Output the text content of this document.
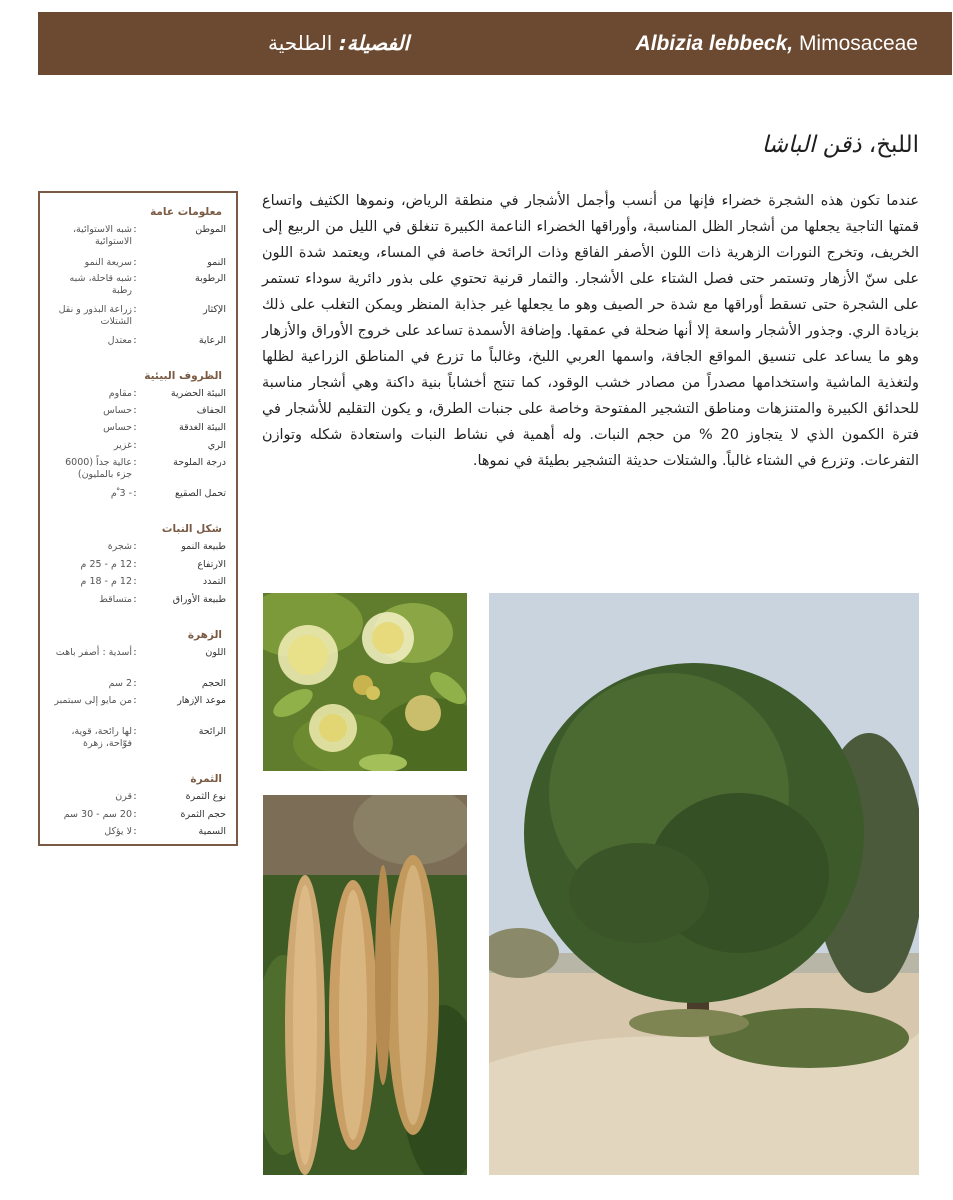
Albizia lebbeck, Mimosaceae
الفصيلة: الطلحية
اللبخ، ذقن الباشا

عندما تكون هذه الشجرة خضراء فإنها من أنسب وأجمل الأشجار في منطقة الرياض، ونموها الكثيف واتساع قمتها التاجية يجعلها من أشجار الظل المناسبة، وأوراقها الخضراء الناعمة الكبيرة تنغلق في الليل من الربيع إلى الخريف، وتخرج النورات الزهرية ذات اللون الأصفر الفاقع وذات الرائحة خاصة في المساء، ويعتمد شدة اللون على سنّ الأزهار وتستمر حتى فصل الشتاء على الأشجار. والثمار قرنية تحتوي على بذور دائرية سوداء تستمر على الشجرة حتى تسقط أوراقها مع شدة حر الصيف وهو ما يجعلها غير جذابة المنظر ويمكن التغلب على ذلك بزيادة الري. وجذور الأشجار واسعة إلا أنها ضحلة في عمقها. وإضافة الأسمدة تساعد على خروج الأوراق والأزهار وهو ما يساعد على تنسيق المواقع الجافة، واسمها العربي اللبخ، وغالباً ما تزرع في المناطق الزراعية لظلها ولتغذية الماشية واستخدامها مصدراً من مصادر خشب الوقود، كما تنتج أخشاباً بنية داكنة وهي أشجار مناسبة للحدائق الكبيرة والمتنزهات ومناطق التشجير المفتوحة وخاصة على جنبات الطرق، و يكون التقليم للأشجار في فترة الكمون الذي لا يتجاوز 20 % من حجم النبات. وله أهمية في نشاط النبات واستعادة شكله وتوازن التفرعات. وتزرع في الشتاء غالباً. والشتلات حديثة التشجير بطيئة في نموها.

معلومات عامة
الموطن
:
شبه الاستوائية، الاستوائية
النمو
:
سريعة النمو
الرطوبة
:
شبه قاحلة، شبه رطبة
الإكثار
:
زراعة البذور و نقل الشتلات
الرعاية
:
معتدل
الظروف البيئية
البيئة الحضرية
:
مقاوم
الجفاف
:
حساس
البيئة الغدقة
:
حساس
الري
:
غزير
درجة الملوحة
:
عالية جداً (6000 جزء بالمليون)
تحمل الصقيع
:
- 3 ْم
شكل النبات
طبيعة النمو
:
شجرة
الارتفاع
:
12 م - 25 م
التمدد
:
12 م - 18 م
طبيعة الأوراق
:
متساقط
الزهرة
اللون
:
أسدية : أصفر باهت
الحجم
:
2 سم
موعد الإزهار
:
من مايو إلى سبتمبر
الرائحة
:
لها رائحة، قوية، فوّاحة، زهرة
الثمرة
نوع الثمرة
:
قرن
حجم الثمرة
:
20 سم - 30 سم
السمية
:
لا يؤكل
